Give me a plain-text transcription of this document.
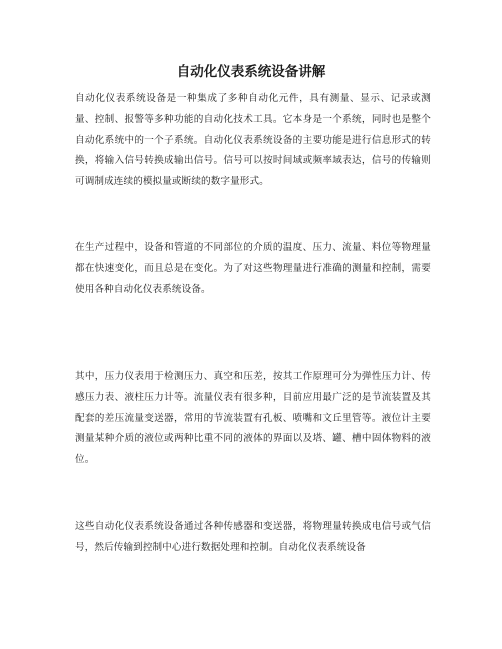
自动化仪表系统设备讲解

自动化仪表系统设备是一种集成了多种自动化元件，具有测量、显示、记录或测量、控制、报警等多种功能的自动化技术工具。它本身是一个系统，同时也是整个自动化系统中的一个子系统。自动化仪表系统设备的主要功能是进行信息形式的转换，将输入信号转换成输出信号。信号可以按时间域或频率域表达，信号的传输则可调制成连续的模拟量或断续的数字量形式。

在生产过程中，设备和管道的不同部位的介质的温度、压力、流量、料位等物理量都在快速变化，而且总是在变化。为了对这些物理量进行准确的测量和控制，需要使用各种自动化仪表系统设备。

其中，压力仪表用于检测压力、真空和压差，按其工作原理可分为弹性压力计、传感压力表、液柱压力计等。流量仪表有很多种，目前应用最广泛的是节流装置及其配套的差压流量变送器，常用的节流装置有孔板、喷嘴和文丘里管等。液位计主要测量某种介质的液位或两种比重不同的液体的界面以及塔、罐、槽中固体物料的液位。

这些自动化仪表系统设备通过各种传感器和变送器，将物理量转换成电信号或气信号，然后传输到控制中心进行数据处理和控制。自动化仪表系统设备
